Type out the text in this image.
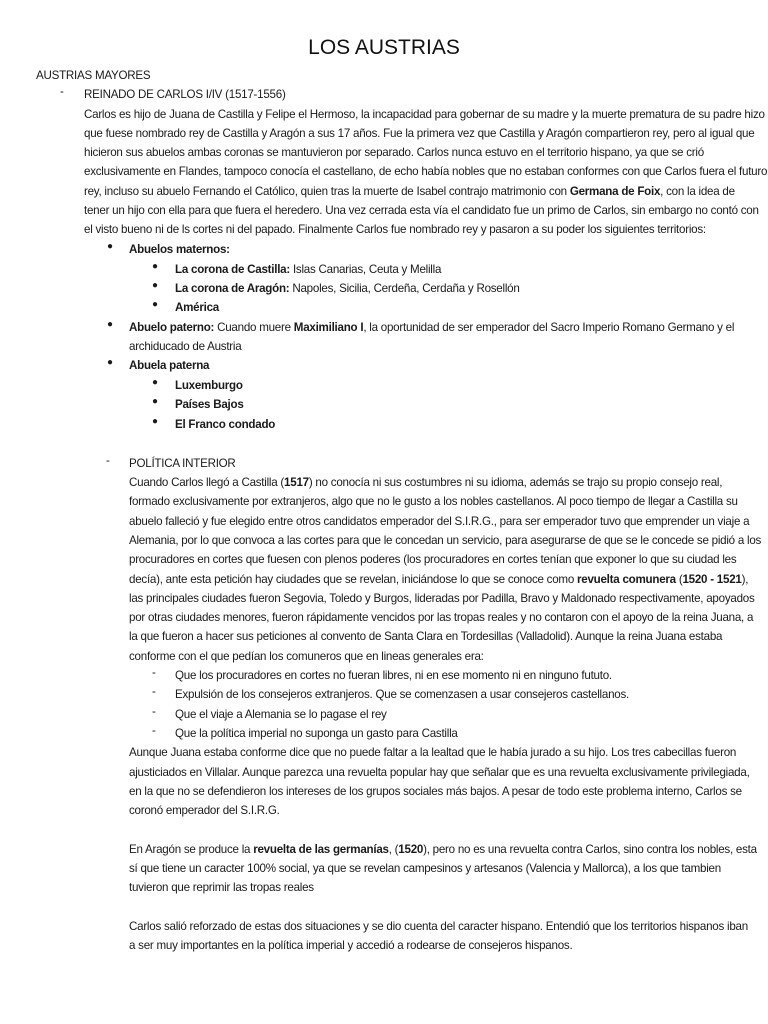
LOS AUSTRIAS
AUSTRIAS MAYORES
- REINADO DE CARLOS I/IV (1517-1556)
Carlos es hijo de Juana de Castilla y Felipe el Hermoso, la incapacidad para gobernar de su madre y la muerte prematura de su padre hizo
que fuese nombrado rey de Castilla y Aragón a sus 17 años. Fue la primera vez que Castilla y Aragón compartieron rey, pero al igual que
hicieron sus abuelos ambas coronas se mantuvieron por separado. Carlos nunca estuvo en el territorio hispano, ya que se crió
exclusivamente en Flandes, tampoco conocía el castellano, de echo había nobles que no estaban conformes con que Carlos fuera el futuro
rey, incluso su abuelo Fernando el Católico, quien tras la muerte de Isabel contrajo matrimonio con Germana de Foix, con la idea de
tener un hijo con ella para que fuera el heredero. Una vez cerrada esta vía el candidato fue un primo de Carlos, sin embargo no contó con
el visto bueno ni de ls cortes ni del papado. Finalmente Carlos fue nombrado rey y pasaron a su poder los siguientes territorios:
● Abuelos maternos:
● La corona de Castilla: Islas Canarias, Ceuta y Melilla
● La corona de Aragón: Napoles, Sicilia, Cerdeña, Cerdaña y Rosellón
● América
● Abuelo paterno: Cuando muere Maximiliano I, la oportunidad de ser emperador del Sacro Imperio Romano Germano y el
archiducado de Austria
● Abuela paterna
● Luxemburgo
● Países Bajos
● El Franco condado
- POLÍTICA INTERIOR
Cuando Carlos llegó a Castilla (1517) no conocía ni sus costumbres ni su idioma, además se trajo su propio consejo real,
formado exclusivamente por extranjeros, algo que no le gusto a los nobles castellanos. Al poco tiempo de llegar a Castilla su
abuelo falleció y fue elegido entre otros candidatos emperador del S.I.R.G., para ser emperador tuvo que emprender un viaje a
Alemania, por lo que convoca a las cortes para que le concedan un servicio, para asegurarse de que se le concede se pidió a los
procuradores en cortes que fuesen con plenos poderes (los procuradores en cortes tenían que exponer lo que su ciudad les
decía), ante esta petición hay ciudades que se revelan, iniciándose lo que se conoce como revuelta comunera (1520 - 1521),
las principales ciudades fueron Segovia, Toledo y Burgos, lideradas por Padilla, Bravo y Maldonado respectivamente, apoyados
por otras ciudades menores, fueron rápidamente vencidos por las tropas reales y no contaron con el apoyo de la reina Juana, a
la que fueron a hacer sus peticiones al convento de Santa Clara en Tordesillas (Valladolid). Aunque la reina Juana estaba
conforme con el que pedían los comuneros que en lineas generales era:
- Que los procuradores en cortes no fueran libres, ni en ese momento ni en ninguno fututo.
- Expulsión de los consejeros extranjeros. Que se comenzasen a usar consejeros castellanos.
- Que el viaje a Alemania se lo pagase el rey
- Que la política imperial no suponga un gasto para Castilla
Aunque Juana estaba conforme dice que no puede faltar a la lealtad que le había jurado a su hijo. Los tres cabecillas fueron
ajusticiados en Villalar. Aunque parezca una revuelta popular hay que señalar que es una revuelta exclusivamente privilegiada,
en la que no se defendieron los intereses de los grupos sociales más bajos. A pesar de todo este problema interno, Carlos se
coronó emperador del S.I.R.G.
En Aragón se produce la revuelta de las germanías, (1520), pero no es una revuelta contra Carlos, sino contra los nobles, esta
sí que tiene un caracter 100% social, ya que se revelan campesinos y artesanos (Valencia y Mallorca), a los que tambien
tuvieron que reprimir las tropas reales
Carlos salió reforzado de estas dos situaciones y se dio cuenta del caracter hispano. Entendió que los territorios hispanos iban
a ser muy importantes en la política imperial y accedió a rodearse de consejeros hispanos.
